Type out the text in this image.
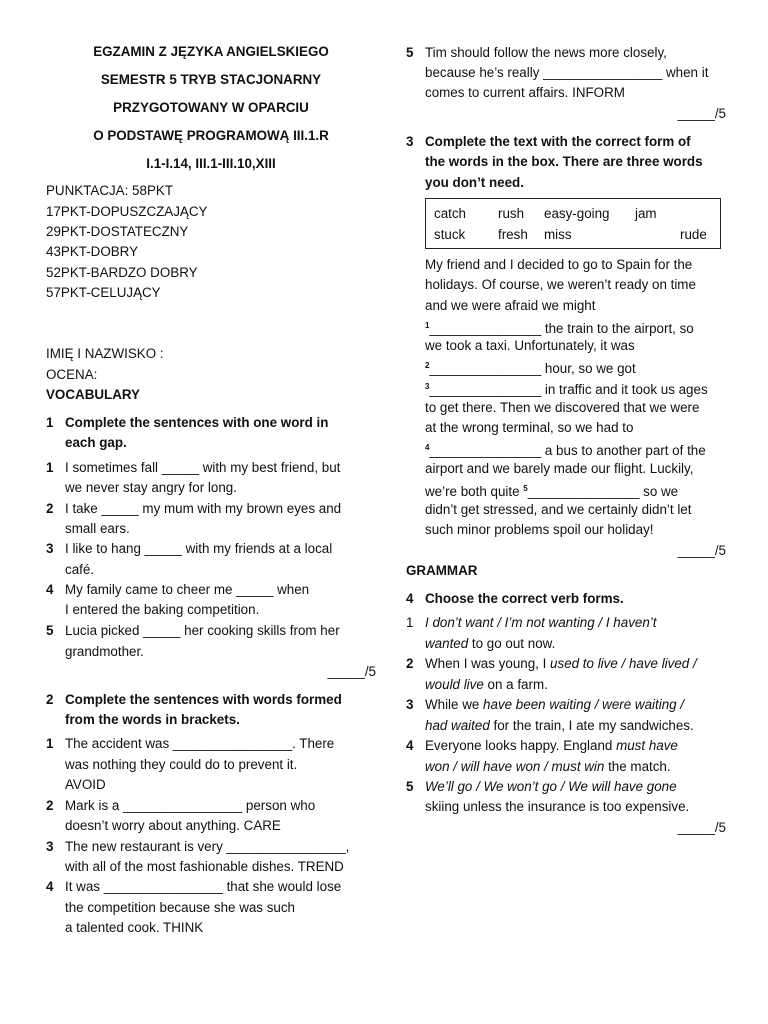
EGZAMIN Z JĘZYKA ANGIELSKIEGO
SEMESTR 5 TRYB STACJONARNY
PRZYGOTOWANY W OPARCIU
O PODSTAWĘ PROGRAMOWĄ III.1.R
I.1-I.14, III.1-III.10,XIII
PUNKTACJA: 58PKT
17PKT-DOPUSZCZAJĄCY
29PKT-DOSTATECZNY
43PKT-DOBRY
52PKT-BARDZO DOBRY
57PKT-CELUJĄCY
IMIĘ I NAZWISKO :
OCENA:
VOCABULARY
1 Complete the sentences with one word in
each gap.
1 I sometimes fall _____ with my best friend, but
we never stay angry for long.
2 I take _____ my mum with my brown eyes and
small ears.
3 I like to hang _____ with my friends at a local
café.
4 My family came to cheer me _____ when
I entered the baking competition.
5 Lucia picked _____ her cooking skills from her
grandmother.
_____/5
2 Complete the sentences with words formed
from the words in brackets.
1 The accident was ________________. There
was nothing they could do to prevent it.
AVOID
2 Mark is a ________________ person who
doesn’t worry about anything. CARE
3 The new restaurant is very ________________,
with all of the most fashionable dishes. TREND
4 It was ________________ that she would lose
the competition because she was such
a talented cook. THINK
5 Tim should follow the news more closely,
because he’s really ________________ when it
comes to current affairs. INFORM
_____/5
3 Complete the text with the correct form of
the words in the box. There are three words
you don’t need.
catch rush easy-going jam
stuck fresh miss	rude
My friend and I decided to go to Spain for the
holidays. Of course, we weren’t ready on time
and we were afraid we might
$^1$_______________ the train to the airport, so
we took a taxi. Unfortunately, it was
$^2$_______________ hour, so we got
$^3$_______________ in traffic and it took us ages
to get there. Then we discovered that we were
at the wrong terminal, so we had to
$^4$_______________ a bus to another part of the
airport and we barely made our flight. Luckily,
we’re both quite $^5$_______________ so we
didn’t get stressed, and we certainly didn’t let
such minor problems spoil our holiday!
_____/5
GRAMMAR
4 Choose the correct verb forms.
1 I don’t want / I’m not wanting / I haven’t
wanted to go out now.
2 When I was young, I used to live / have lived /
would live on a farm.
3 While we have been waiting / were waiting /
had waited for the train, I ate my sandwiches.
4 Everyone looks happy. England must have
won / will have won / must win the match.
5 We’ll go / We won’t go / We will have gone
skiing unless the insurance is too expensive.
_____/5
